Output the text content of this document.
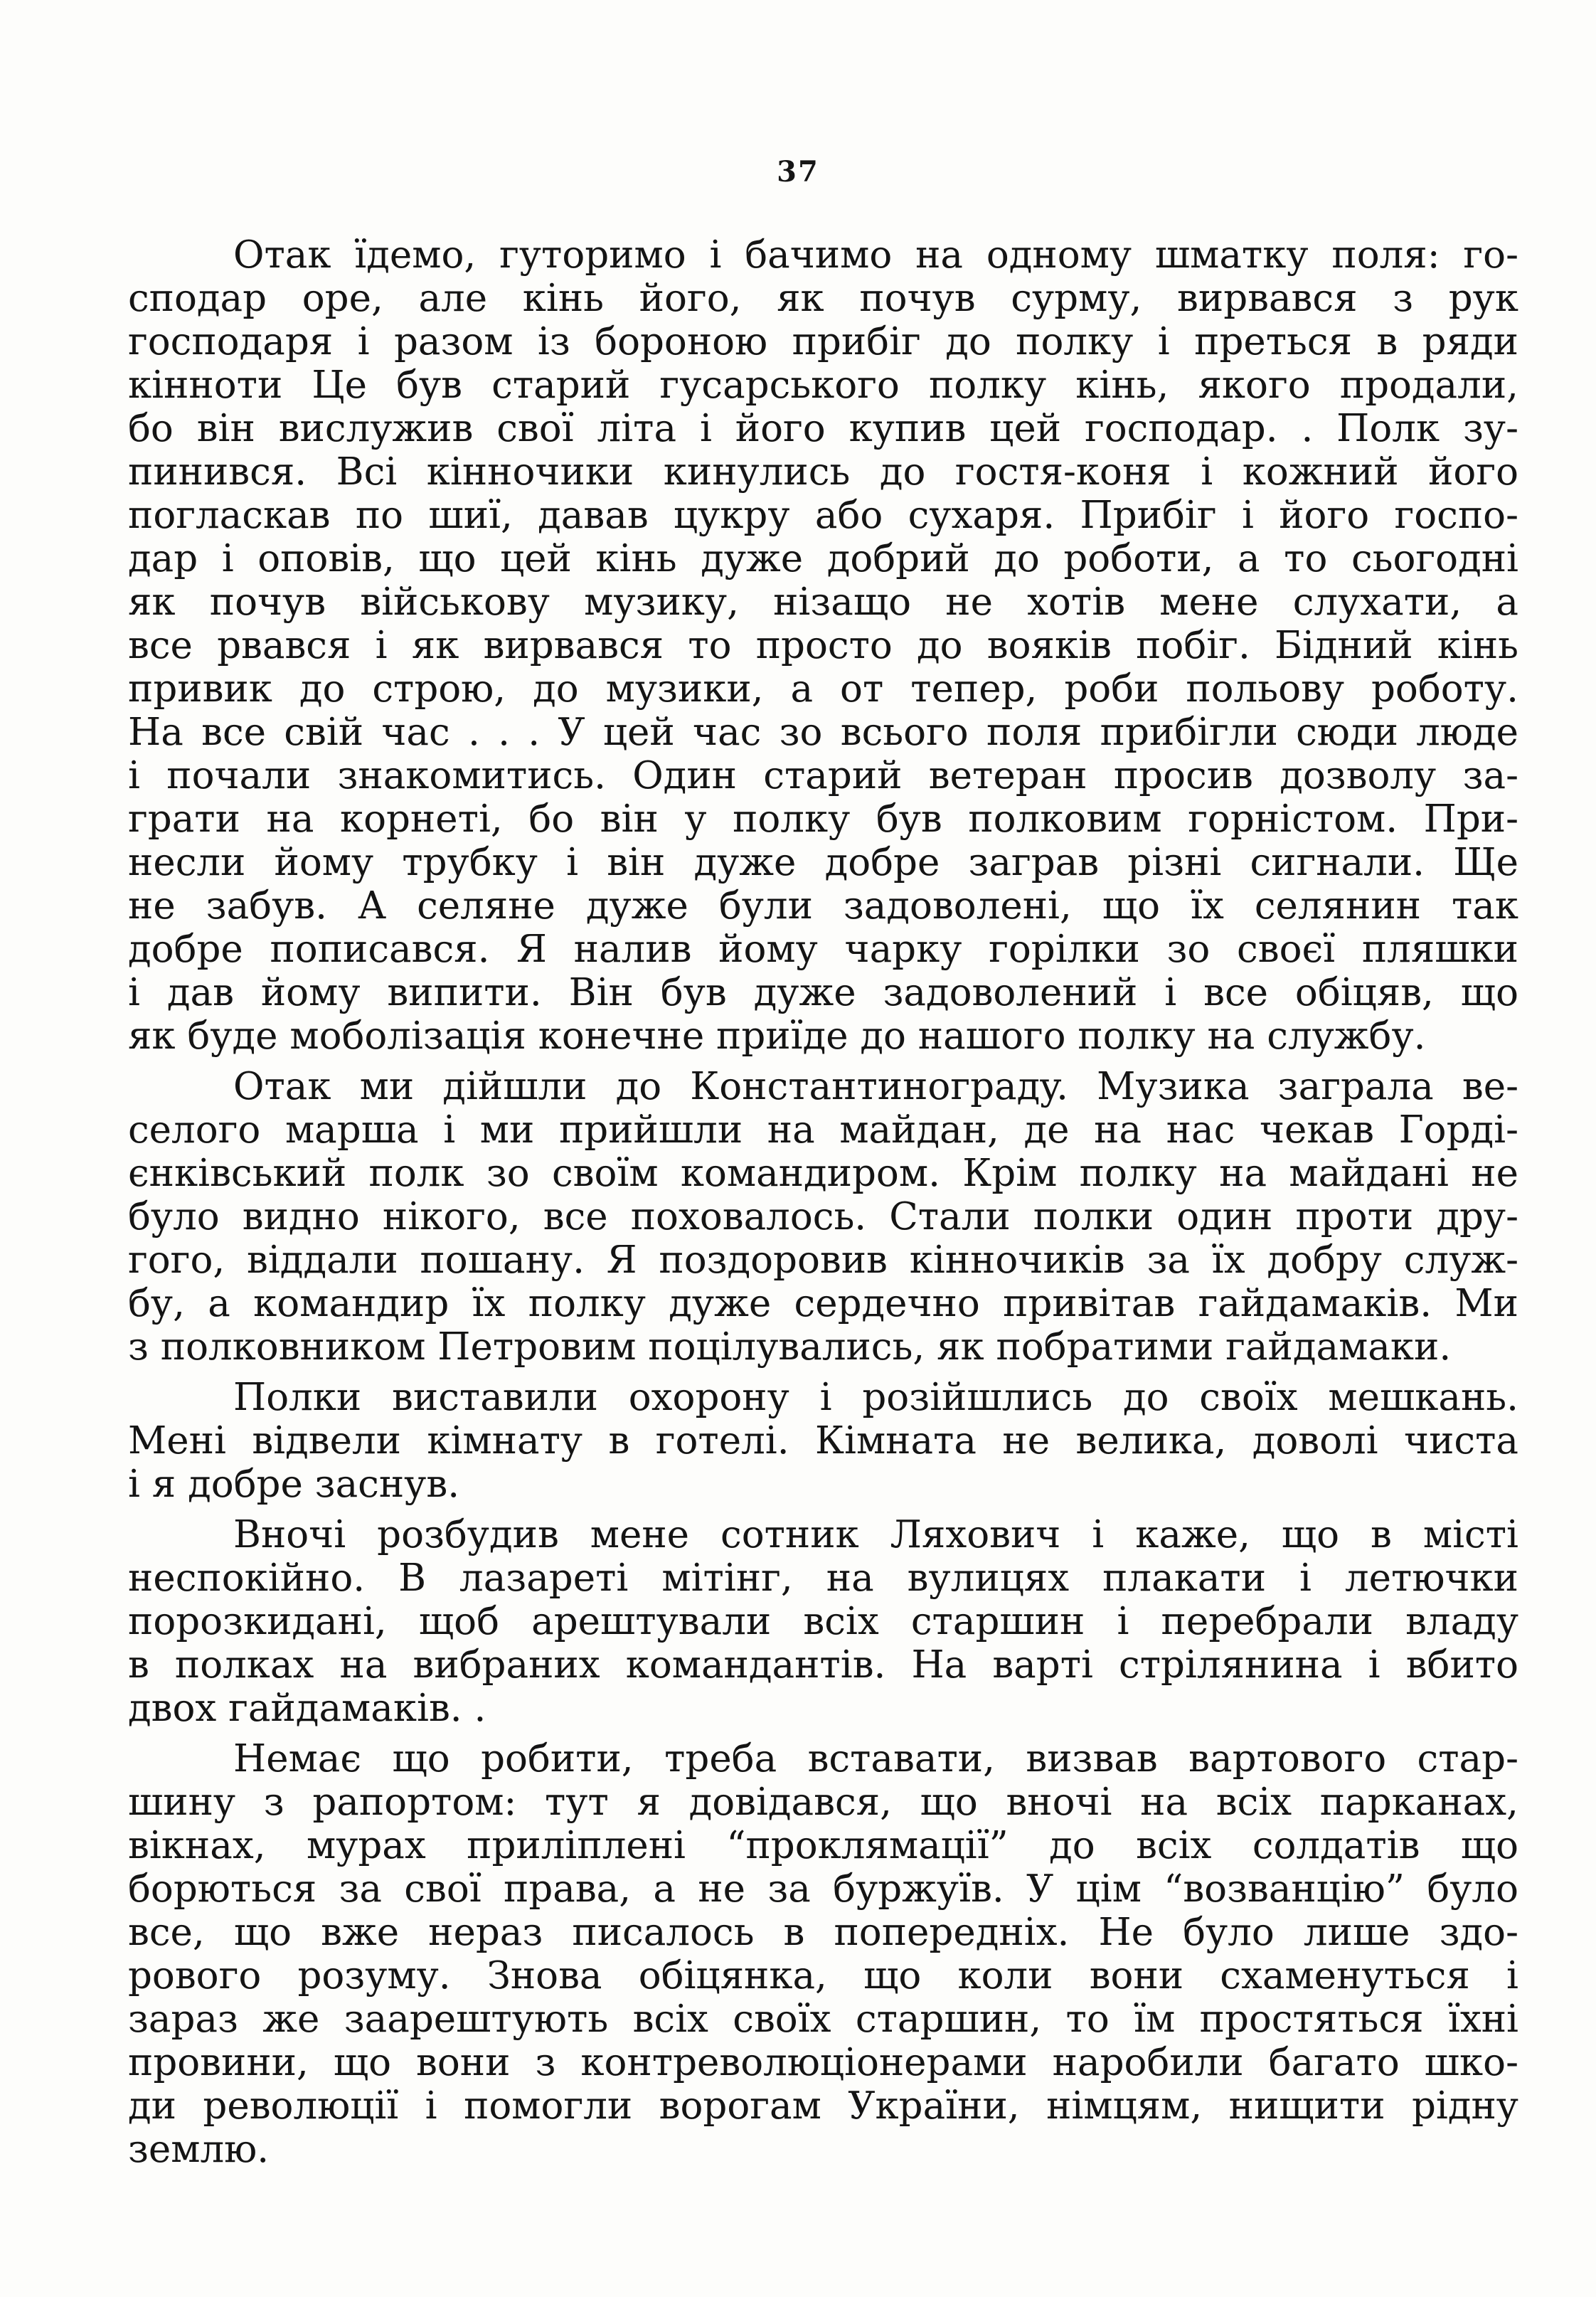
37
Отак їдемо, гуторимо і бачимо на одному шматку поля: го-
сподар оре, але кінь його, як почув сурму, вирвався з рук
господаря і разом із бороною прибіг до полку і преться в ряди
кінноти Це був старий гусарського полку кінь, якого продали,
бо він вислужив свої літа і його купив цей господар. . Полк зу-
пинився. Всі кінночики кинулись до гостя-коня і кожний його
погласкав по шиї, давав цукру або сухаря. Прибіг і його госпо-
дар і оповів, що цей кінь дуже добрий до роботи, а то сьогодні
як почув військову музику, нізащо не хотів мене слухати, а
все рвався і як вирвався то просто до вояків побіг. Бідний кінь
привик до строю, до музики, а от тепер, роби польову роботу.
На все свій час . . . У цей час зо всього поля прибігли сюди люде
і почали знакомитись. Один старий ветеран просив дозволу за-
грати на корнеті, бо він у полку був полковим горністом. При-
несли йому трубку і він дуже добре заграв різні сигнали. Ще
не забув. А селяне дуже були задоволені, що їх селянин так
добре пописався. Я налив йому чарку горілки зо своєї пляшки
і дав йому випити. Він був дуже задоволений і все обіцяв, що
як буде моболізація конечне приїде до нашого полку на службу.
Отак ми дійшли до Константиноградy. Музика заграла ве-
селого марша і ми прийшли на майдан, де на нас чекав Горді-
єнківський полк зо своїм командиром. Крім полку на майдані не
було видно нікого, все поховалось. Стали полки один проти дру-
гого, віддали пошану. Я поздоровив кінночиків за їх добру служ-
бу, а командир їх полку дуже сердечно привітав гайдамаків. Ми
з полковником Петровим поцілувались, як побратими гайдамаки.
Полки виставили охорону і розійшлись до своїх мешкань.
Мені відвели кімнату в готелі. Кімната не велика, доволі чиста
і я добре заснув.
Вночі розбудив мене сотник Ляхович і каже, що в місті
неспокійно. В лазареті мітінг, на вулицях плакати і летючки
порозкидані, щоб арештували всіх старшин і перебрали владу
в полках на вибраних командантів. На варті стрілянина і вбито
двох гайдамаків. .
Немає що робити, треба вставати, визвав вартового стар-
шину з рапортом: тут я довідався, що вночі на всіх парканах,
вікнах, мурах приліплені “проклямації” до всіх солдатів що
борються за свої права, а не за буржуїв. У цім “возванцію” було
все, що вже нераз писалось в попередніх. Не було лише здо-
рового розуму. Знова обіцянка, що коли вони схаменуться і
зараз же заарештують всіх своїх старшин, то їм простяться їхні
провини, що вони з контреволюціонерами наробили багато шко-
ди революції і помогли ворогам України, німцям, нищити рідну
землю.
